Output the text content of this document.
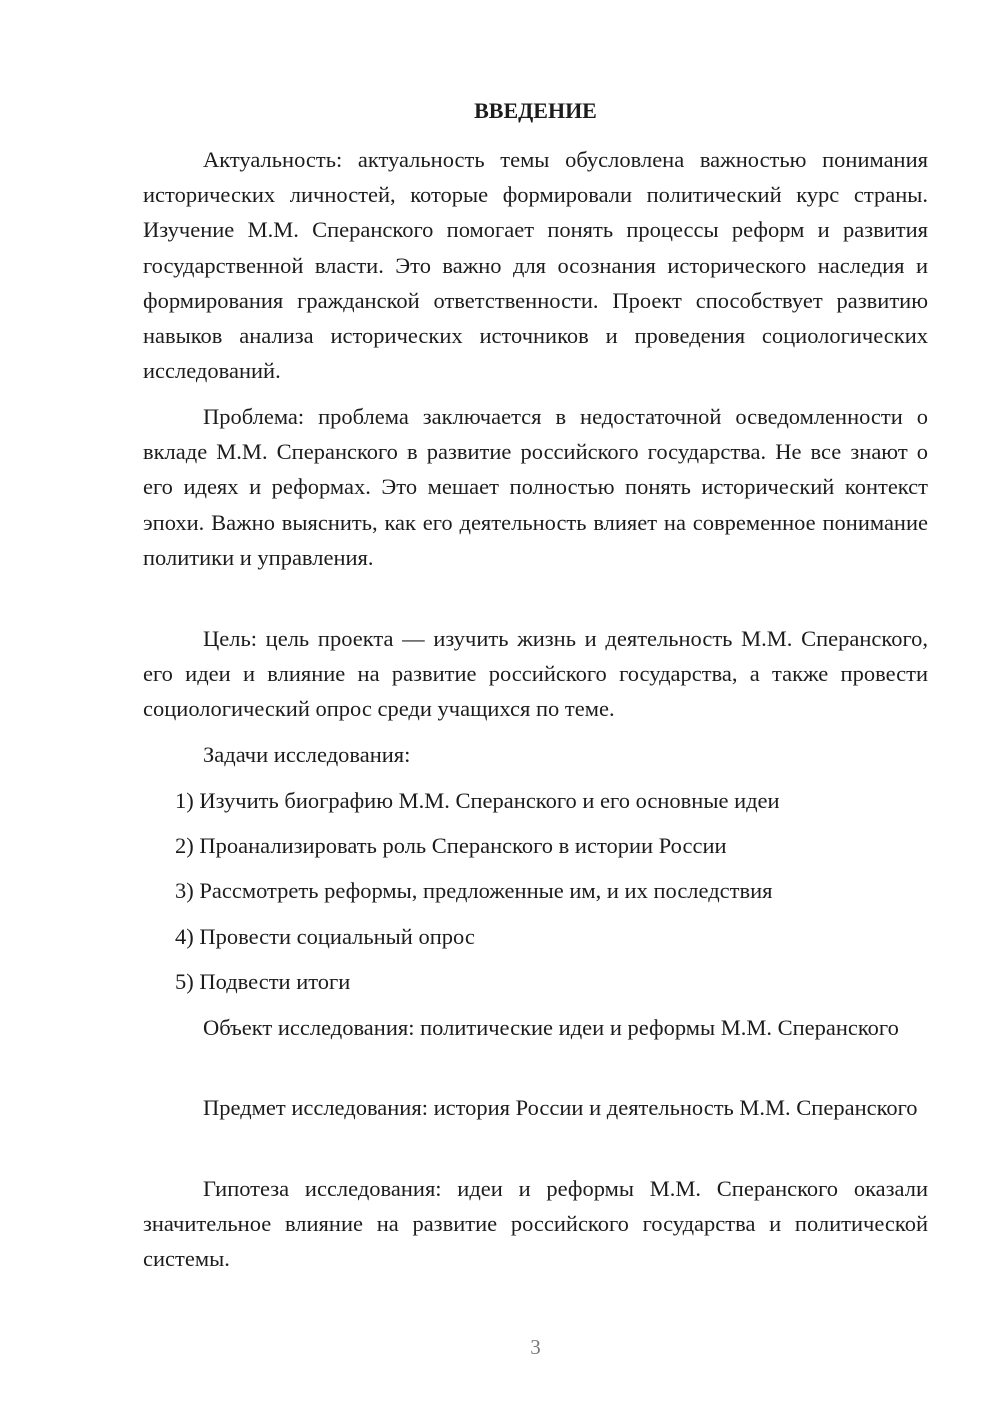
ВВЕДЕНИЕ

Актуальность: актуальность темы обусловлена важностью понимания исторических личностей, которые формировали политический курс страны. Изучение М.М. Сперанского помогает понять процессы реформ и развития государственной власти. Это важно для осознания исторического наследия и формирования гражданской ответственности. Проект способствует развитию навыков анализа исторических источников и проведения социологических исследований.

Проблема: проблема заключается в недостаточной осведомленности о вкладе М.М. Сперанского в развитие российского государства. Не все знают о его идеях и реформах. Это мешает полностью понять исторический контекст эпохи. Важно выяснить, как его деятельность влияет на современное понимание политики и управления.

Цель: цель проекта — изучить жизнь и деятельность М.М. Сперанского, его идеи и влияние на развитие российского государства, а также провести социологический опрос среди учащихся по теме.

Задачи исследования:

1) Изучить биографию М.М. Сперанского и его основные идеи

2) Проанализировать роль Сперанского в истории России

3) Рассмотреть реформы, предложенные им, и их последствия

4) Провести социальный опрос

5) Подвести итоги

Объект исследования: политические идеи и реформы М.М. Сперанского

Предмет исследования: история России и деятельность М.М. Сперанского

Гипотеза исследования: идеи и реформы М.М. Сперанского оказали значительное влияние на развитие российского государства и политической системы.

3
